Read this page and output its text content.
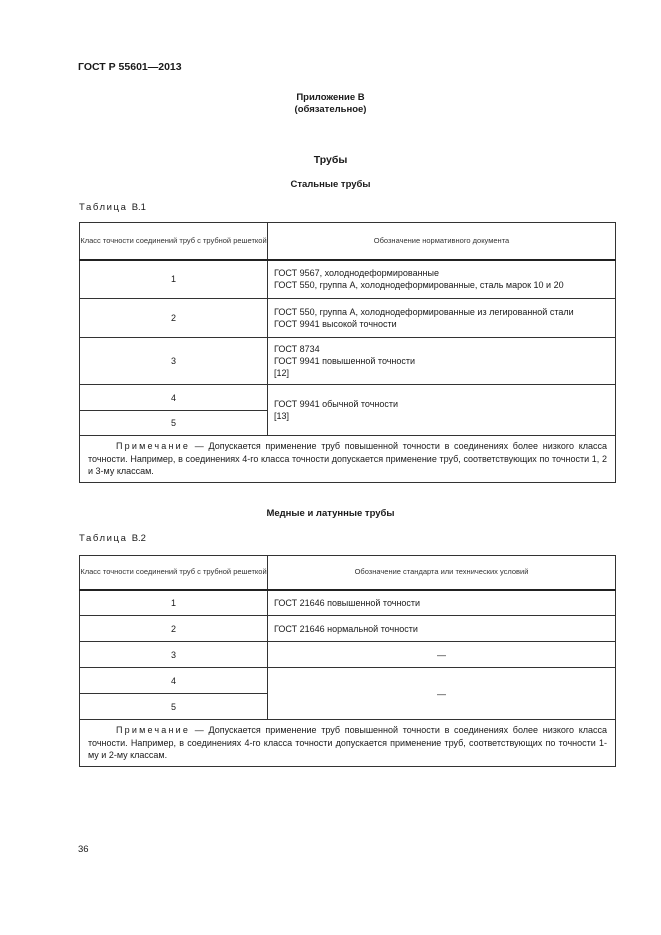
ГОСТ Р 55601—2013
Приложение В
(обязательное)
Трубы
Стальные трубы
Таблица В.1
Класс точности соединений труб с трубной решеткой	Обозначение нормативного документа
1	ГОСТ 9567, холоднодеформированные
ГОСТ 550, группа А, холоднодеформированные, сталь марок 10 и 20

2	ГОСТ 550, группа А, холоднодеформированные из легированной стали
ГОСТ 9941 высокой точности

3	ГОСТ 8734
ГОСТ 9941 повышенной точности
[12]

4	ГОСТ 9941 обычной точности
[13]

5	
Примечание — Допускается применение труб повышенной точности в соединениях более низкого класса точности. Например, в соединениях 4-го класса точности допускается применение труб, соответствующих по точности 1, 2 и 3-му классам.	
Медные и латунные трубы
Таблица В.2
Класс точности соединений труб с трубной решеткой	Обозначение стандарта или технических условий
1	ГОСТ 21646 повышенной точности
2	ГОСТ 21646 нормальной точности
3	—
4	—
5	
Примечание — Допускается применение труб повышенной точности в соединениях более низкого класса точности. Например, в соединениях 4-го класса точности допускается применение труб, соответствующих по точности 1-му и 2-му классам.	
36
